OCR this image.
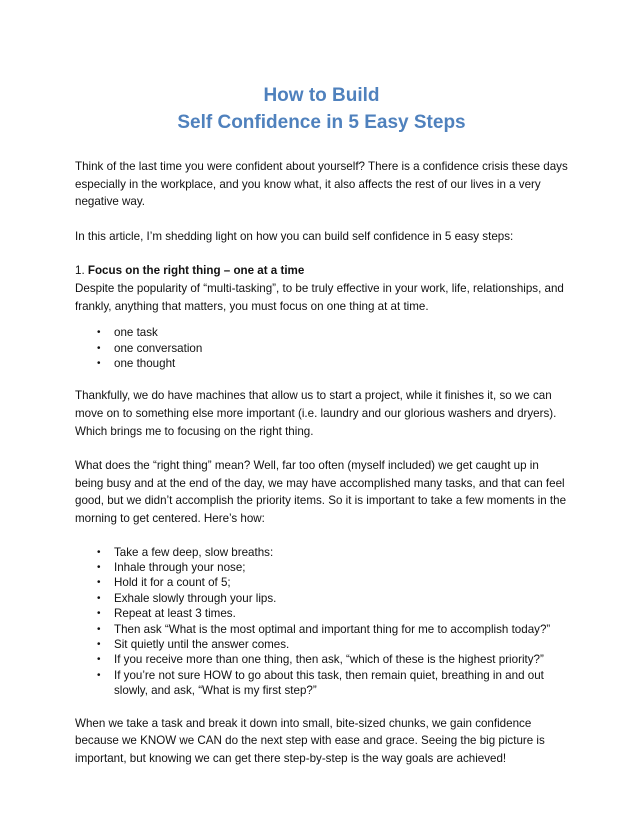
How to Build
Self Confidence in 5 Easy Steps

Think of the last time you were confident about yourself? There is a confidence crisis these days especially in the workplace, and you know what, it also affects the rest of our lives in a very negative way.

In this article, I’m shedding light on how you can build self confidence in 5 easy steps:

1. Focus on the right thing – one at a time

Despite the popularity of “multi-tasking”, to be truly effective in your work, life, relationships, and frankly, anything that matters, you must focus on one thing at at time.

• one task
• one conversation
• one thought

Thankfully, we do have machines that allow us to start a project, while it finishes it, so we can move on to something else more important (i.e. laundry and our glorious washers and dryers). Which brings me to focusing on the right thing.

What does the “right thing” mean? Well, far too often (myself included) we get caught up in being busy and at the end of the day, we may have accomplished many tasks, and that can feel good, but we didn’t accomplish the priority items. So it is important to take a few moments in the morning to get centered. Here’s how:

• Take a few deep, slow breaths:
• Inhale through your nose;
• Hold it for a count of 5;
• Exhale slowly through your lips.
• Repeat at least 3 times.
• Then ask “What is the most optimal and important thing for me to accomplish today?”
• Sit quietly until the answer comes.
• If you receive more than one thing, then ask, “which of these is the highest priority?”
• If you’re not sure HOW to go about this task, then remain quiet, breathing in and out slowly, and ask, “What is my first step?”

When we take a task and break it down into small, bite-sized chunks, we gain confidence because we KNOW we CAN do the next step with ease and grace. Seeing the big picture is important, but knowing we can get there step-by-step is the way goals are achieved!
